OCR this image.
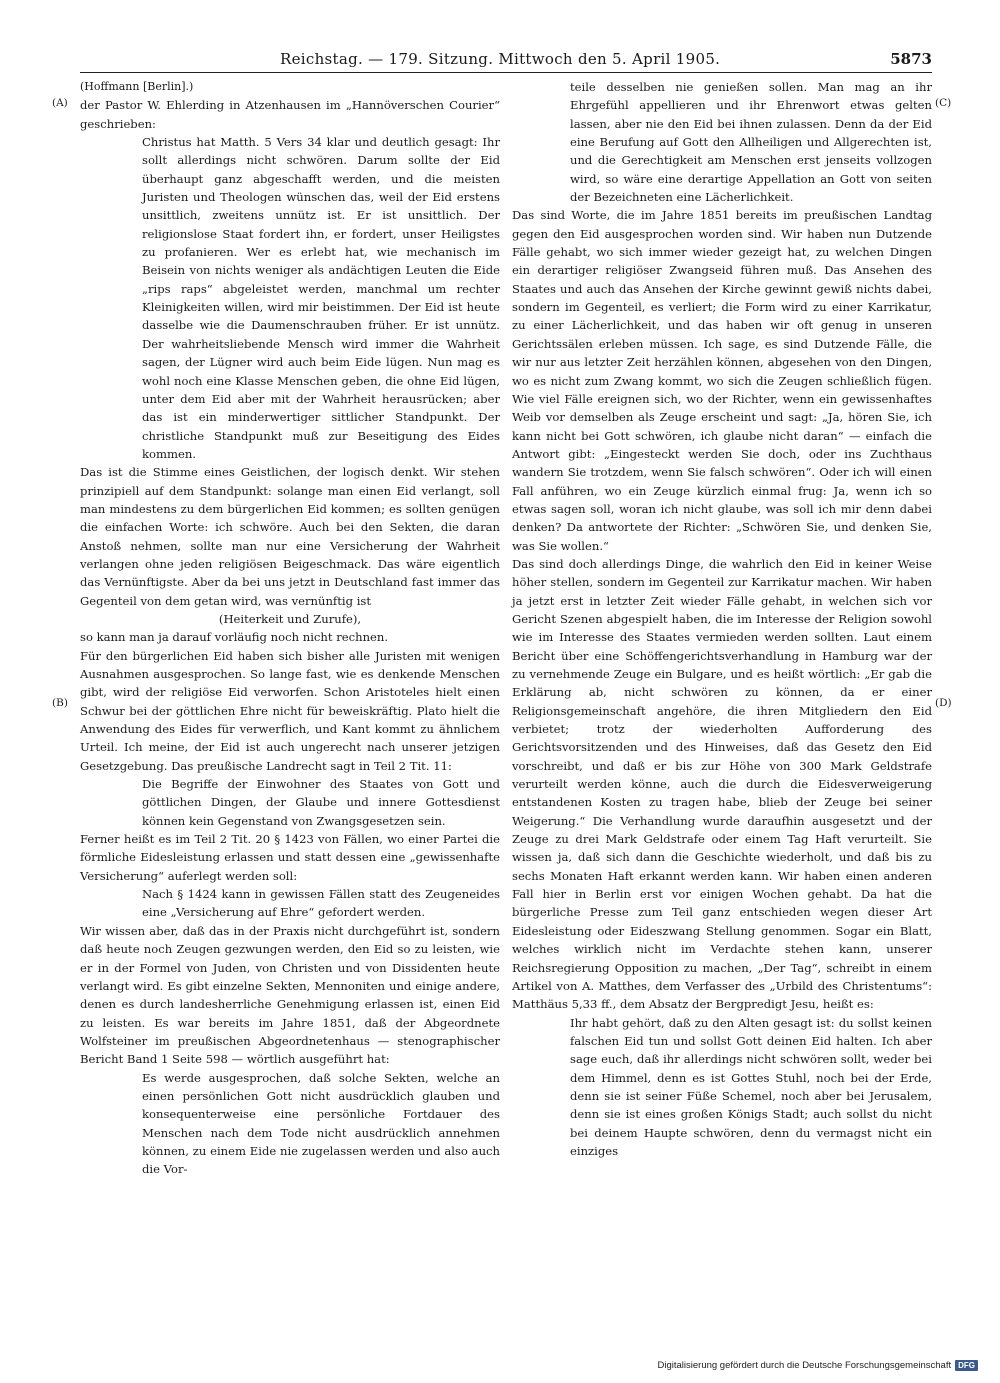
Reichstag. — 179. Sitzung. Mittwoch den 5. April 1905.	5873
(A)
(B)
(C)
(D)

(Hoffmann [Berlin].)

der Pastor W. Ehlerding in Atzenhausen im „Hannöverschen Courier“ geschrieben:

Christus hat Matth. 5 Vers 34 klar und deutlich gesagt: Ihr sollt allerdings nicht schwören. Darum sollte der Eid überhaupt ganz abgeschafft werden, und die meisten Juristen und Theologen wünschen das, weil der Eid erstens unsittlich, zweitens unnütz ist. Er ist unsittlich. Der religionslose Staat fordert ihn, er fordert, unser Heiligstes zu profanieren. Wer es erlebt hat, wie mechanisch im Beisein von nichts weniger als andächtigen Leuten die Eide „rips raps“ abgeleistet werden, manchmal um rechter Kleinigkeiten willen, wird mir beistimmen. Der Eid ist heute dasselbe wie die Daumenschrauben früher. Er ist unnütz. Der wahrheitsliebende Mensch wird immer die Wahrheit sagen, der Lügner wird auch beim Eide lügen. Nun mag es wohl noch eine Klasse Menschen geben, die ohne Eid lügen, unter dem Eid aber mit der Wahrheit herausrücken; aber das ist ein minderwertiger sittlicher Standpunkt. Der christliche Standpunkt muß zur Beseitigung des Eides kommen.

Das ist die Stimme eines Geistlichen, der logisch denkt. Wir stehen prinzipiell auf dem Standpunkt: solange man einen Eid verlangt, soll man mindestens zu dem bürgerlichen Eid kommen; es sollten genügen die einfachen Worte: ich schwöre. Auch bei den Sekten, die daran Anstoß nehmen, sollte man nur eine Versicherung der Wahrheit verlangen ohne jeden religiösen Beigeschmack. Das wäre eigentlich das Vernünftigste. Aber da bei uns jetzt in Deutschland fast immer das Gegenteil von dem getan wird, was vernünftig ist

(Heiterkeit und Zurufe),

so kann man ja darauf vorläufig noch nicht rechnen.

Für den bürgerlichen Eid haben sich bisher alle Juristen mit wenigen Ausnahmen ausgesprochen. So lange fast, wie es denkende Menschen gibt, wird der religiöse Eid verworfen. Schon Aristoteles hielt einen Schwur bei der göttlichen Ehre nicht für beweiskräftig. Plato hielt die Anwendung des Eides für verwerflich, und Kant kommt zu ähnlichem Urteil. Ich meine, der Eid ist auch ungerecht nach unserer jetzigen Gesetzgebung. Das preußische Landrecht sagt in Teil 2 Tit. 11:

Die Begriffe der Einwohner des Staates von Gott und göttlichen Dingen, der Glaube und innere Gottesdienst können kein Gegenstand von Zwangsgesetzen sein.

Ferner heißt es im Teil 2 Tit. 20 § 1423 von Fällen, wo einer Partei die förmliche Eidesleistung erlassen und statt dessen eine „gewissenhafte Versicherung“ auferlegt werden soll:

Nach § 1424 kann in gewissen Fällen statt des Zeugeneides eine „Versicherung auf Ehre“ gefordert werden.

Wir wissen aber, daß das in der Praxis nicht durchgeführt ist, sondern daß heute noch Zeugen gezwungen werden, den Eid so zu leisten, wie er in der Formel von Juden, von Christen und von Dissidenten heute verlangt wird. Es gibt einzelne Sekten, Mennoniten und einige andere, denen es durch landesherrliche Genehmigung erlassen ist, einen Eid zu leisten. Es war bereits im Jahre 1851, daß der Abgeordnete Wolfsteiner im preußischen Abgeordnetenhaus — stenographischer Bericht Band 1 Seite 598 — wörtlich ausgeführt hat:

Es werde ausgesprochen, daß solche Sekten, welche an einen persönlichen Gott nicht ausdrücklich glauben und konsequenterweise eine persönliche Fortdauer des Menschen nach dem Tode nicht ausdrücklich annehmen können, zu einem Eide nie zugelassen werden und also auch die Vor-

teile desselben nie genießen sollen. Man mag an ihr Ehrgefühl appellieren und ihr Ehrenwort etwas gelten lassen, aber nie den Eid bei ihnen zulassen. Denn da der Eid eine Berufung auf Gott den Allheiligen und Allgerechten ist, und die Gerechtigkeit am Menschen erst jenseits vollzogen wird, so wäre eine derartige Appellation an Gott von seiten der Bezeichneten eine Lächerlichkeit.

Das sind Worte, die im Jahre 1851 bereits im preußischen Landtag gegen den Eid ausgesprochen worden sind. Wir haben nun Dutzende Fälle gehabt, wo sich immer wieder gezeigt hat, zu welchen Dingen ein derartiger religiöser Zwangseid führen muß. Das Ansehen des Staates und auch das Ansehen der Kirche gewinnt gewiß nichts dabei, sondern im Gegenteil, es verliert; die Form wird zu einer Karrikatur, zu einer Lächerlichkeit, und das haben wir oft genug in unseren Gerichtssälen erleben müssen. Ich sage, es sind Dutzende Fälle, die wir nur aus letzter Zeit herzählen können, abgesehen von den Dingen, wo es nicht zum Zwang kommt, wo sich die Zeugen schließlich fügen. Wie viel Fälle ereignen sich, wo der Richter, wenn ein gewissenhaftes Weib vor demselben als Zeuge erscheint und sagt: „Ja, hören Sie, ich kann nicht bei Gott schwören, ich glaube nicht daran“ — einfach die Antwort gibt: „Eingesteckt werden Sie doch, oder ins Zuchthaus wandern Sie trotzdem, wenn Sie falsch schwören“. Oder ich will einen Fall anführen, wo ein Zeuge kürzlich einmal frug: Ja, wenn ich so etwas sagen soll, woran ich nicht glaube, was soll ich mir denn dabei denken? Da antwortete der Richter: „Schwören Sie, und denken Sie, was Sie wollen.“

Das sind doch allerdings Dinge, die wahrlich den Eid in keiner Weise höher stellen, sondern im Gegenteil zur Karrikatur machen. Wir haben ja jetzt erst in letzter Zeit wieder Fälle gehabt, in welchen sich vor Gericht Szenen abgespielt haben, die im Interesse der Religion sowohl wie im Interesse des Staates vermieden werden sollten. Laut einem Bericht über eine Schöffengerichtsverhandlung in Hamburg war der zu vernehmende Zeuge ein Bulgare, und es heißt wörtlich: „Er gab die Erklärung ab, nicht schwören zu können, da er einer Religionsgemeinschaft angehöre, die ihren Mitgliedern den Eid verbietet; trotz der wiederholten Aufforderung des Gerichtsvorsitzenden und des Hinweises, daß das Gesetz den Eid vorschreibt, und daß er bis zur Höhe von 300 Mark Geldstrafe verurteilt werden könne, auch die durch die Eidesverweigerung entstandenen Kosten zu tragen habe, blieb der Zeuge bei seiner Weigerung.“ Die Verhandlung wurde daraufhin ausgesetzt und der Zeuge zu drei Mark Geldstrafe oder einem Tag Haft verurteilt. Sie wissen ja, daß sich dann die Geschichte wiederholt, und daß bis zu sechs Monaten Haft erkannt werden kann. Wir haben einen anderen Fall hier in Berlin erst vor einigen Wochen gehabt. Da hat die bürgerliche Presse zum Teil ganz entschieden wegen dieser Art Eidesleistung oder Eideszwang Stellung genommen. Sogar ein Blatt, welches wirklich nicht im Verdachte stehen kann, unserer Reichsregierung Opposition zu machen, „Der Tag“, schreibt in einem Artikel von A. Matthes, dem Verfasser des „Urbild des Christentums“: Matthäus 5,33 ff., dem Absatz der Bergpredigt Jesu, heißt es:

Ihr habt gehört, daß zu den Alten gesagt ist: du sollst keinen falschen Eid tun und sollst Gott deinen Eid halten. Ich aber sage euch, daß ihr allerdings nicht schwören sollt, weder bei dem Himmel, denn es ist Gottes Stuhl, noch bei der Erde, denn sie ist seiner Füße Schemel, noch aber bei Jerusalem, denn sie ist eines großen Königs Stadt; auch sollst du nicht bei deinem Haupte schwören, denn du vermagst nicht ein einziges

Digitalisierung gefördert durch die Deutsche Forschungsgemeinschaft DFG
